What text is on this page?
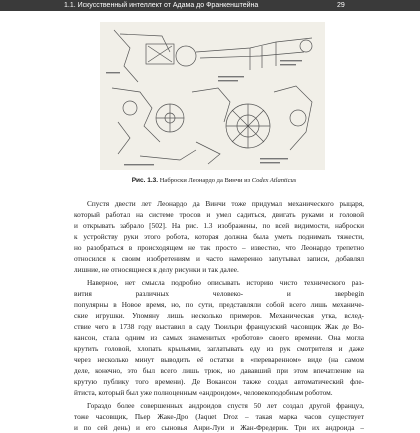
1.1. Искусственный интеллект от Адама до Франкенштейна	29
Рис. 1.3. Наброски Леонардо да Винчи из Codex Atlanticus
Спустя двести лет Леонардо да Винчи тоже придумал механического рыцаря,
который работал на системе тросов и умел садиться, двигать руками и головой
и открывать забрало [502]. На рис. 1.3 изображены, по всей видимости, наброски
к устройству руки этого робота, которая должна была уметь поднимать тяжести,
но разобраться в происходящем не так просто – известно, что Леонардо трепетно
относился к своим изобретениям и часто намеренно запутывал записи, добавлял
лишние, не относящиеся к делу рисунки и так далее.
Наверное, нет смысла подробно описывать историю чисто технического раз-
вития различных человеко- и зверbegin
популярны в Новое время, но, по сути, представляли собой всего лишь механиче-
ские игрушки. Упомяну лишь несколько примеров. Механическая утка, вслед-
ствие чего в 1738 году выставил в саду Тюильри французский часовщик Жак де Во-
кансон, стала одним из самых знаменитых «роботов» своего времени. Она могла
крутить головой, хлопать крыльями, заглатывать еду из рук смотрителя и даже
через несколько минут выводить её остатки в «переваренном» виде (на самом
деле, конечно, это был всего лишь трюк, но дававший при этом впечатление на
крутую публику того времени). Де Вокансон также создал автоматический фле-
йтиста, который был уже полноценным «андроидом», человекоподобным роботом.
Гораздо более совершенных андроидов спустя 50 лет создал другой француз,
тоже часовщик, Пьер Жаке-Дро (Jaquet Droz – такая марка часов существует
и по сей день) и его сыновья Анри-Луи и Жан-Фредерик. Три их андроида –
